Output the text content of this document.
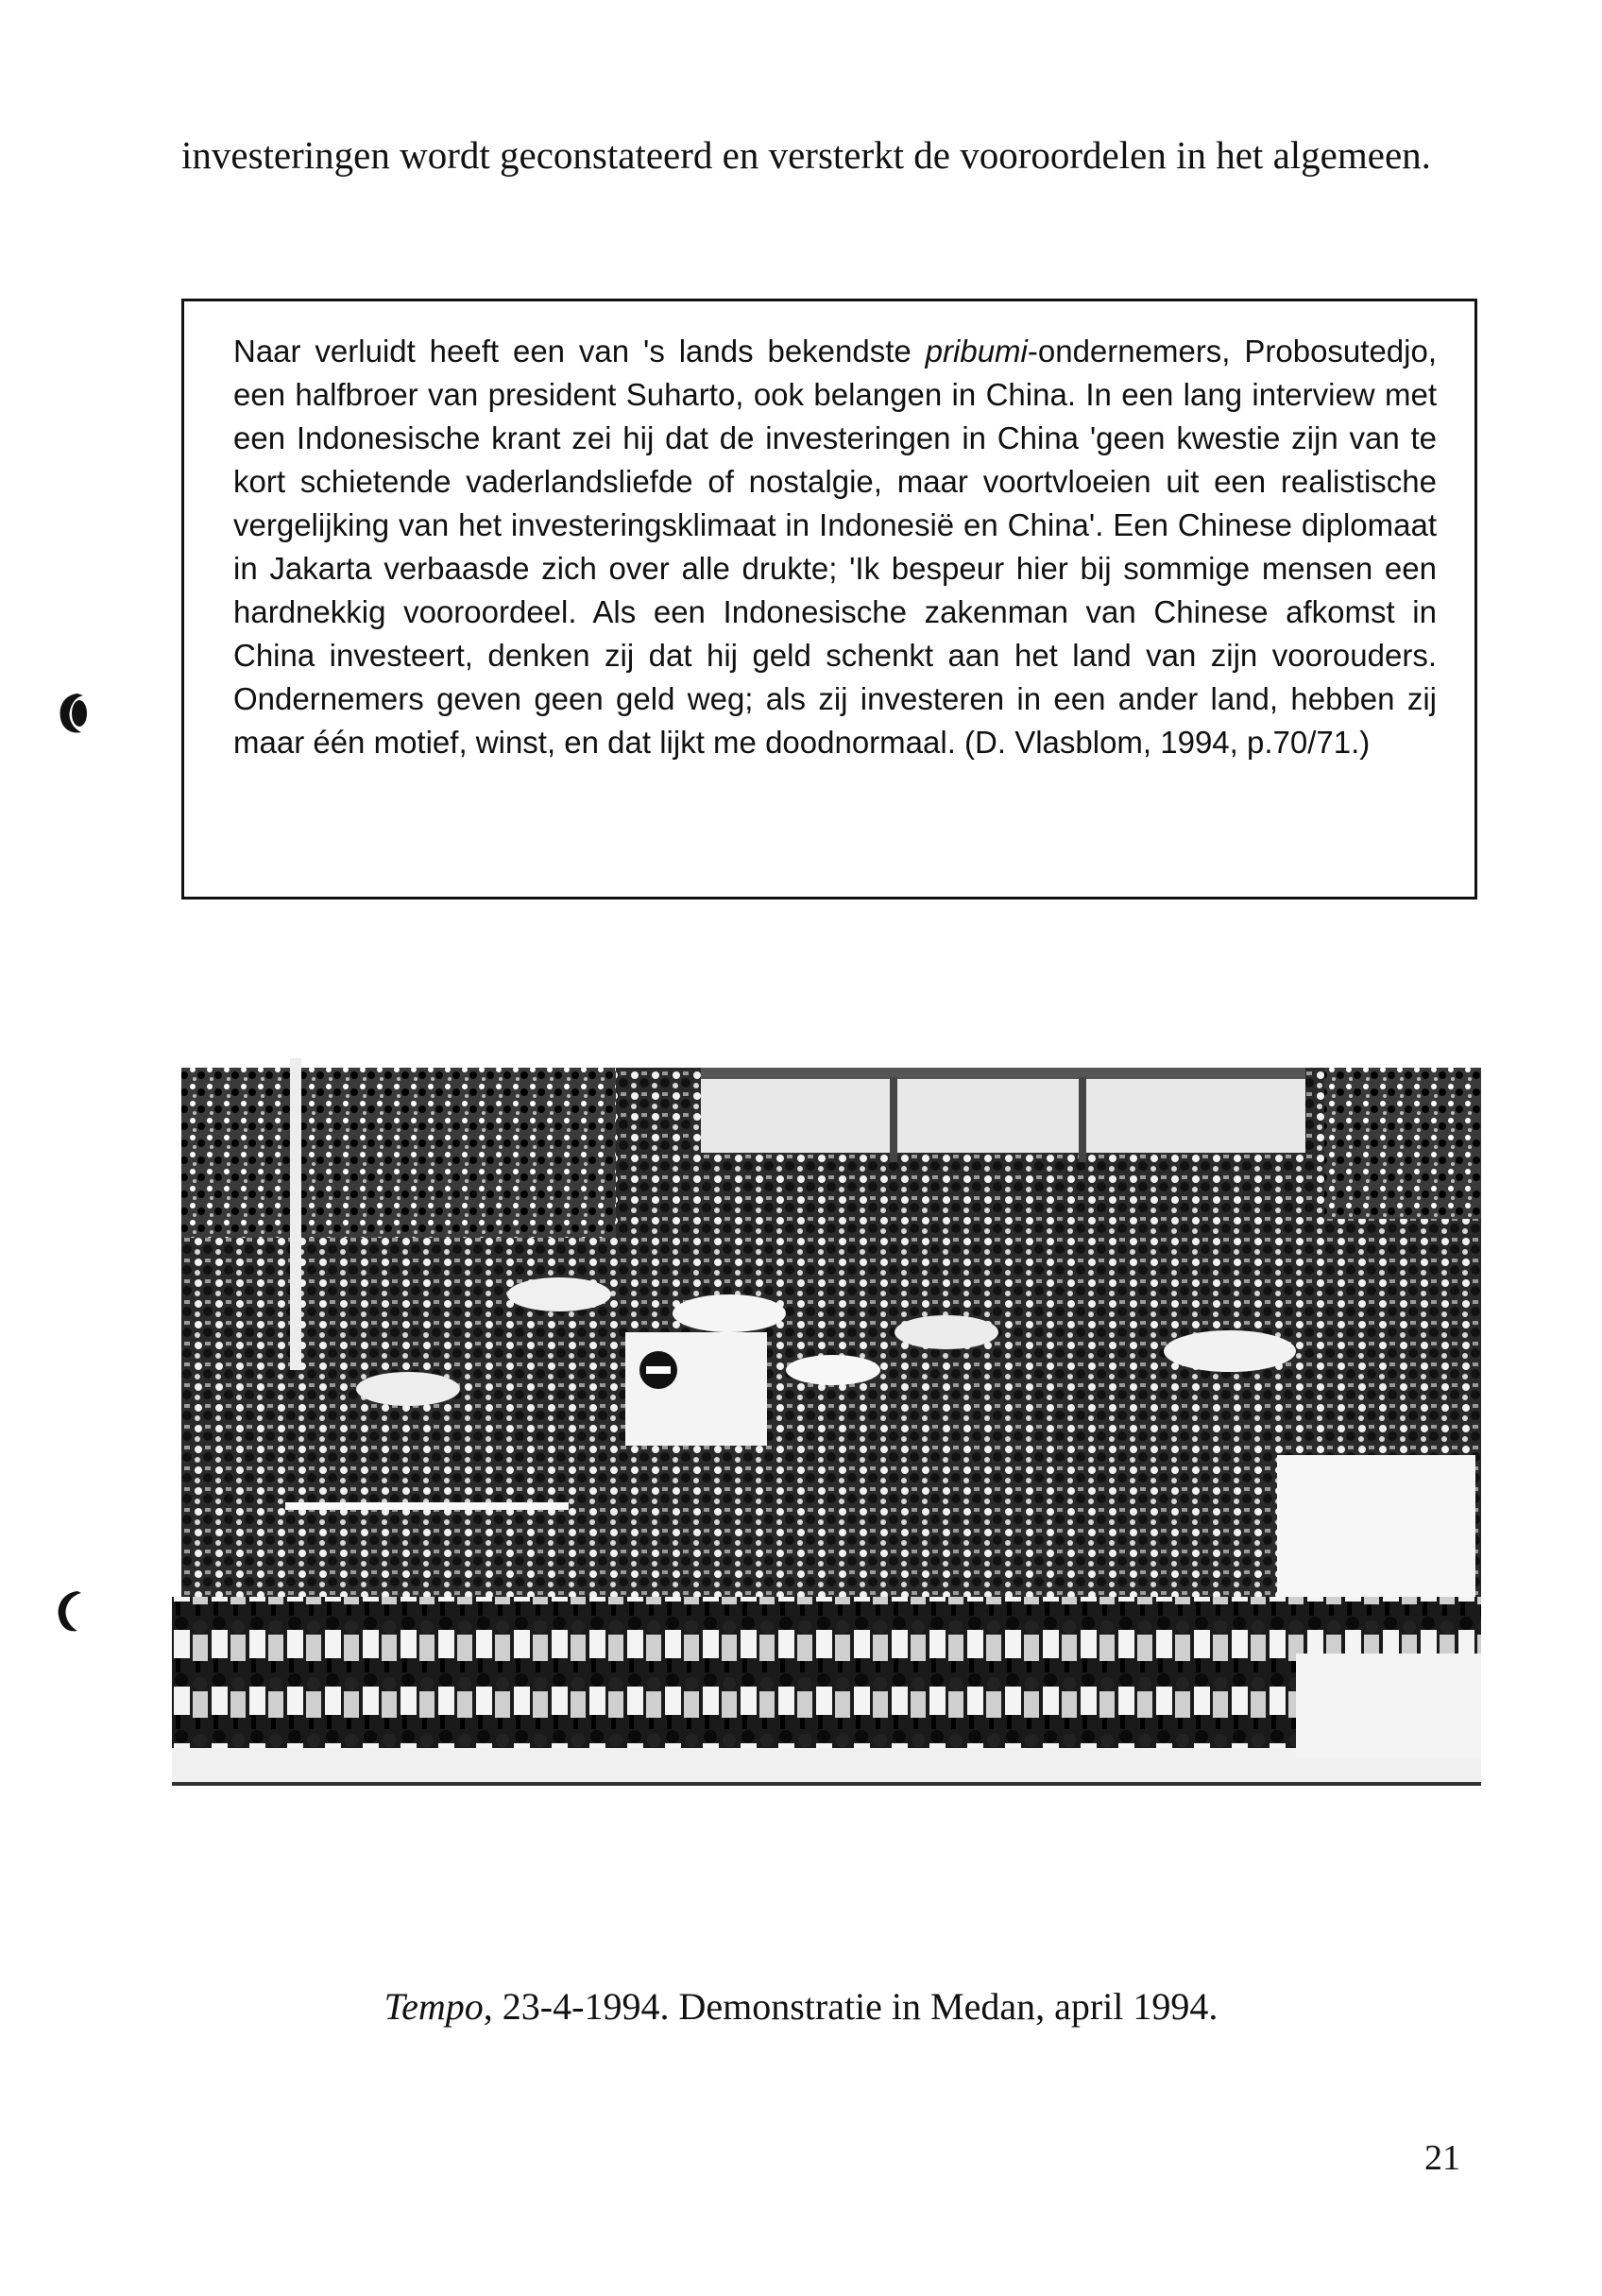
investeringen wordt geconstateerd en versterkt de vooroordelen in het algemeen.

Naar verluidt heeft een van 's lands bekendste pribumi-ondernemers, Probosutedjo, een halfbroer van president Suharto, ook belangen in China. In een lang interview met een Indonesische krant zei hij dat de investeringen in China 'geen kwestie zijn van te kort schietende vaderlandsliefde of nostalgie, maar voortvloeien uit een realistische vergelijking van het investeringsklimaat in Indonesië en China'. Een Chinese diplomaat in Jakarta verbaasde zich over alle drukte; 'Ik bespeur hier bij sommige mensen een hardnekkig vooroordeel. Als een Indonesische zakenman van Chinese afkomst in China investeert, denken zij dat hij geld schenkt aan het land van zijn voorouders. Ondernemers geven geen geld weg; als zij investeren in een ander land, hebben zij maar één motief, winst, en dat lijkt me doodnormaal. (D. Vlasblom, 1994, p.70/71.)

Tempo, 23-4-1994. Demonstratie in Medan, april 1994.
21
